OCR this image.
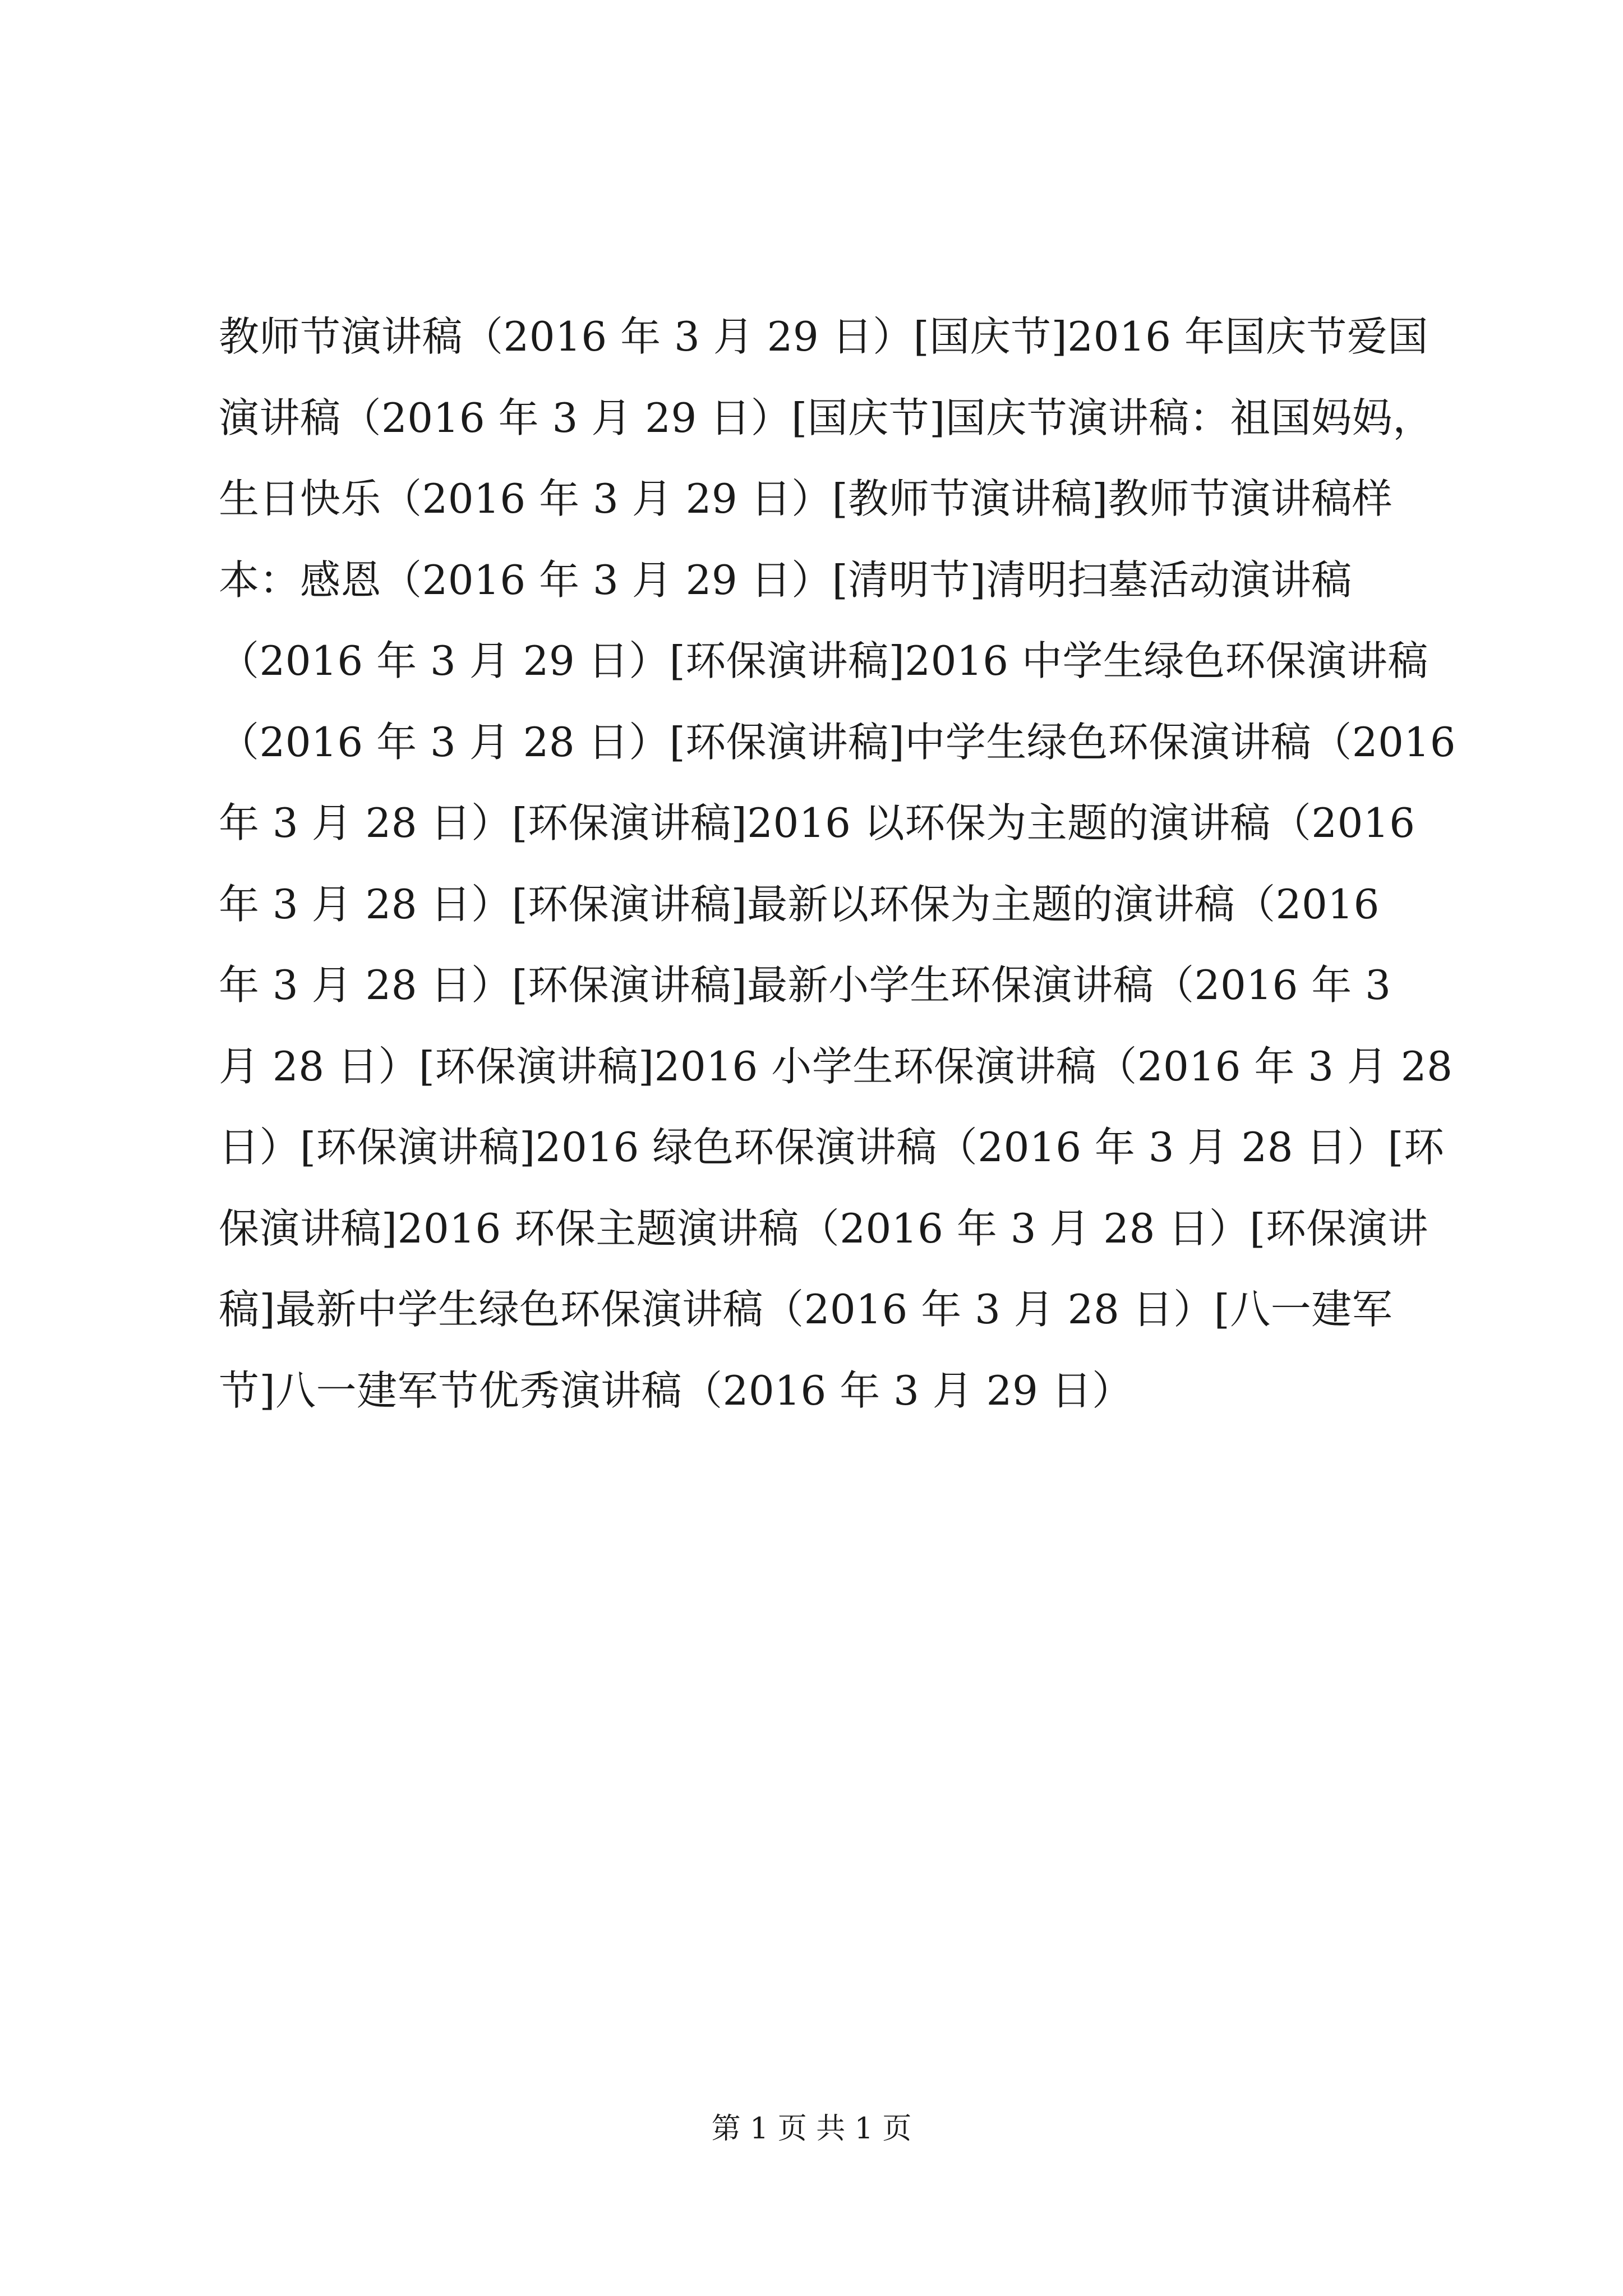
教师节演讲稿（2016 年 3 月 29 日）[国庆节]2016 年国庆节爱国
演讲稿（2016 年 3 月 29 日）[国庆节]国庆节演讲稿：祖国妈妈，
生日快乐（2016 年 3 月 29 日）[教师节演讲稿]教师节演讲稿样
本：感恩（2016 年 3 月 29 日）[清明节]清明扫墓活动演讲稿
（2016 年 3 月 29 日）[环保演讲稿]2016 中学生绿色环保演讲稿
（2016 年 3 月 28 日）[环保演讲稿]中学生绿色环保演讲稿（2016
年 3 月 28 日）[环保演讲稿]2016 以环保为主题的演讲稿（2016
年 3 月 28 日）[环保演讲稿]最新以环保为主题的演讲稿（2016
年 3 月 28 日）[环保演讲稿]最新小学生环保演讲稿（2016 年 3
月 28 日）[环保演讲稿]2016 小学生环保演讲稿（2016 年 3 月 28
日）[环保演讲稿]2016 绿色环保演讲稿（2016 年 3 月 28 日）[环
保演讲稿]2016 环保主题演讲稿（2016 年 3 月 28 日）[环保演讲
稿]最新中学生绿色环保演讲稿（2016 年 3 月 28 日）[八一建军
节]八一建军节优秀演讲稿（2016 年 3 月 29 日）
第 1 页 共 1 页
